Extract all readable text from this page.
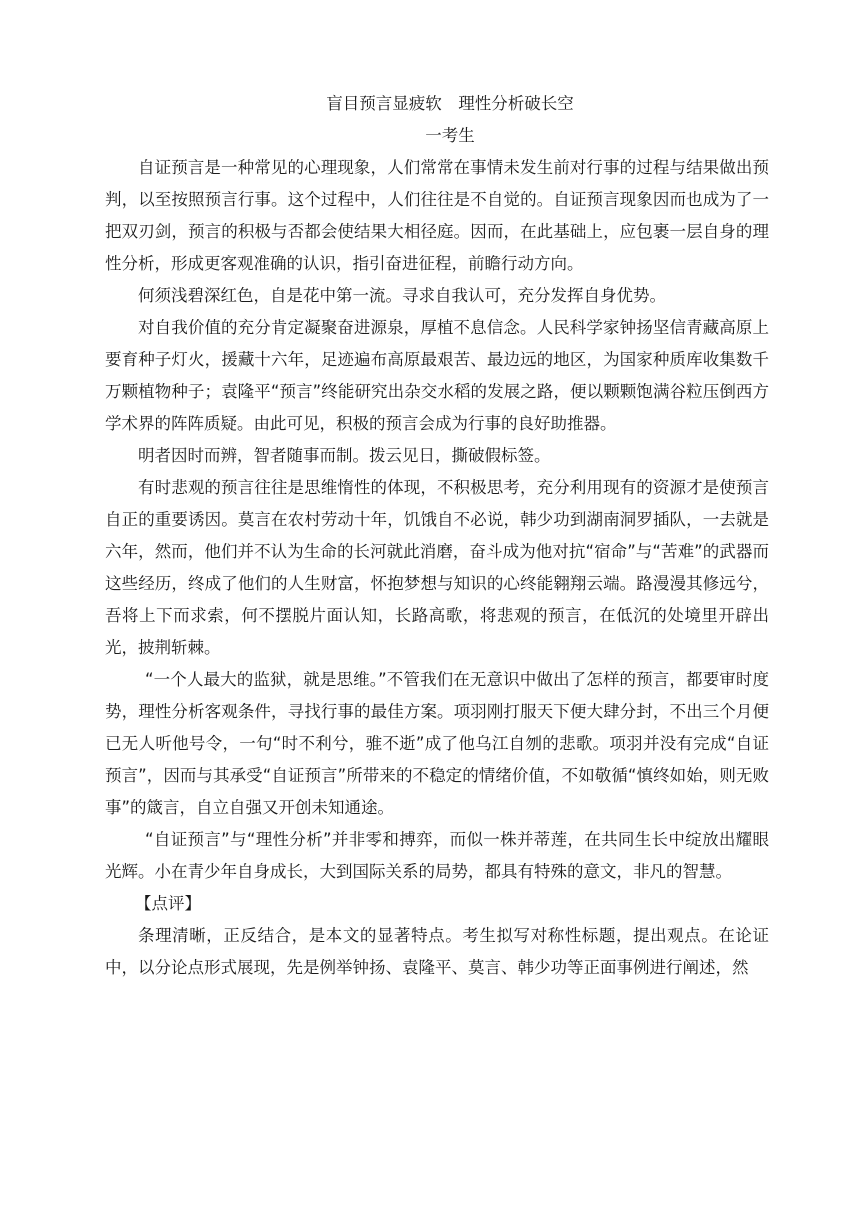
盲目预言显疲软　理性分析破长空

一考生

自证预言是一种常见的心理现象，人们常常在事情未发生前对行事的过程与结果做出预判，以至按照预言行事。这个过程中，人们往往是不自觉的。自证预言现象因而也成为了一把双刃剑，预言的积极与否都会使结果大相径庭。因而，在此基础上，应包裹一层自身的理性分析，形成更客观准确的认识，指引奋进征程，前瞻行动方向。

何须浅碧深红色，自是花中第一流。寻求自我认可，充分发挥自身优势。

对自我价值的充分肯定凝聚奋进源泉，厚植不息信念。人民科学家钟扬坚信青藏高原上要育种子灯火，援藏十六年，足迹遍布高原最艰苦、最边远的地区，为国家种质库收集数千万颗植物种子；袁隆平“预言”终能研究出杂交水稻的发展之路，便以颗颗饱满谷粒压倒西方学术界的阵阵质疑。由此可见，积极的预言会成为行事的良好助推器。

明者因时而辨，智者随事而制。拨云见日，撕破假标签。

有时悲观的预言往往是思维惰性的体现，不积极思考，充分利用现有的资源才是使预言自正的重要诱因。莫言在农村劳动十年，饥饿自不必说，韩少功到湖南洞罗插队，一去就是六年，然而，他们并不认为生命的长河就此消磨，奋斗成为他对抗“宿命”与“苦难”的武器而这些经历，终成了他们的人生财富，怀抱梦想与知识的心终能翱翔云端。路漫漫其修远兮，吾将上下而求索，何不摆脱片面认知，长路高歌，将悲观的预言，在低沉的处境里开辟出光，披荆斩棘。

“一个人最大的监狱，就是思维。”不管我们在无意识中做出了怎样的预言，都要审时度势，理性分析客观条件，寻找行事的最佳方案。项羽刚打服天下便大肆分封，不出三个月便已无人听他号令，一句“时不利兮，骓不逝”成了他乌江自刎的悲歌。项羽并没有完成“自证预言”，因而与其承受“自证预言”所带来的不稳定的情绪价值，不如敬循“慎终如始，则无败事”的箴言，自立自强又开创未知通途。

“自证预言”与“理性分析”并非零和搏弈，而似一株并蒂莲，在共同生长中绽放出耀眼光辉。小在青少年自身成长，大到国际关系的局势，都具有特殊的意文，非凡的智慧。

【点评】

条理清晰，正反结合，是本文的显著特点。考生拟写对称性标题，提出观点。在论证中，以分论点形式展现，先是例举钟扬、袁隆平、莫言、韩少功等正面事例进行阐述，然
